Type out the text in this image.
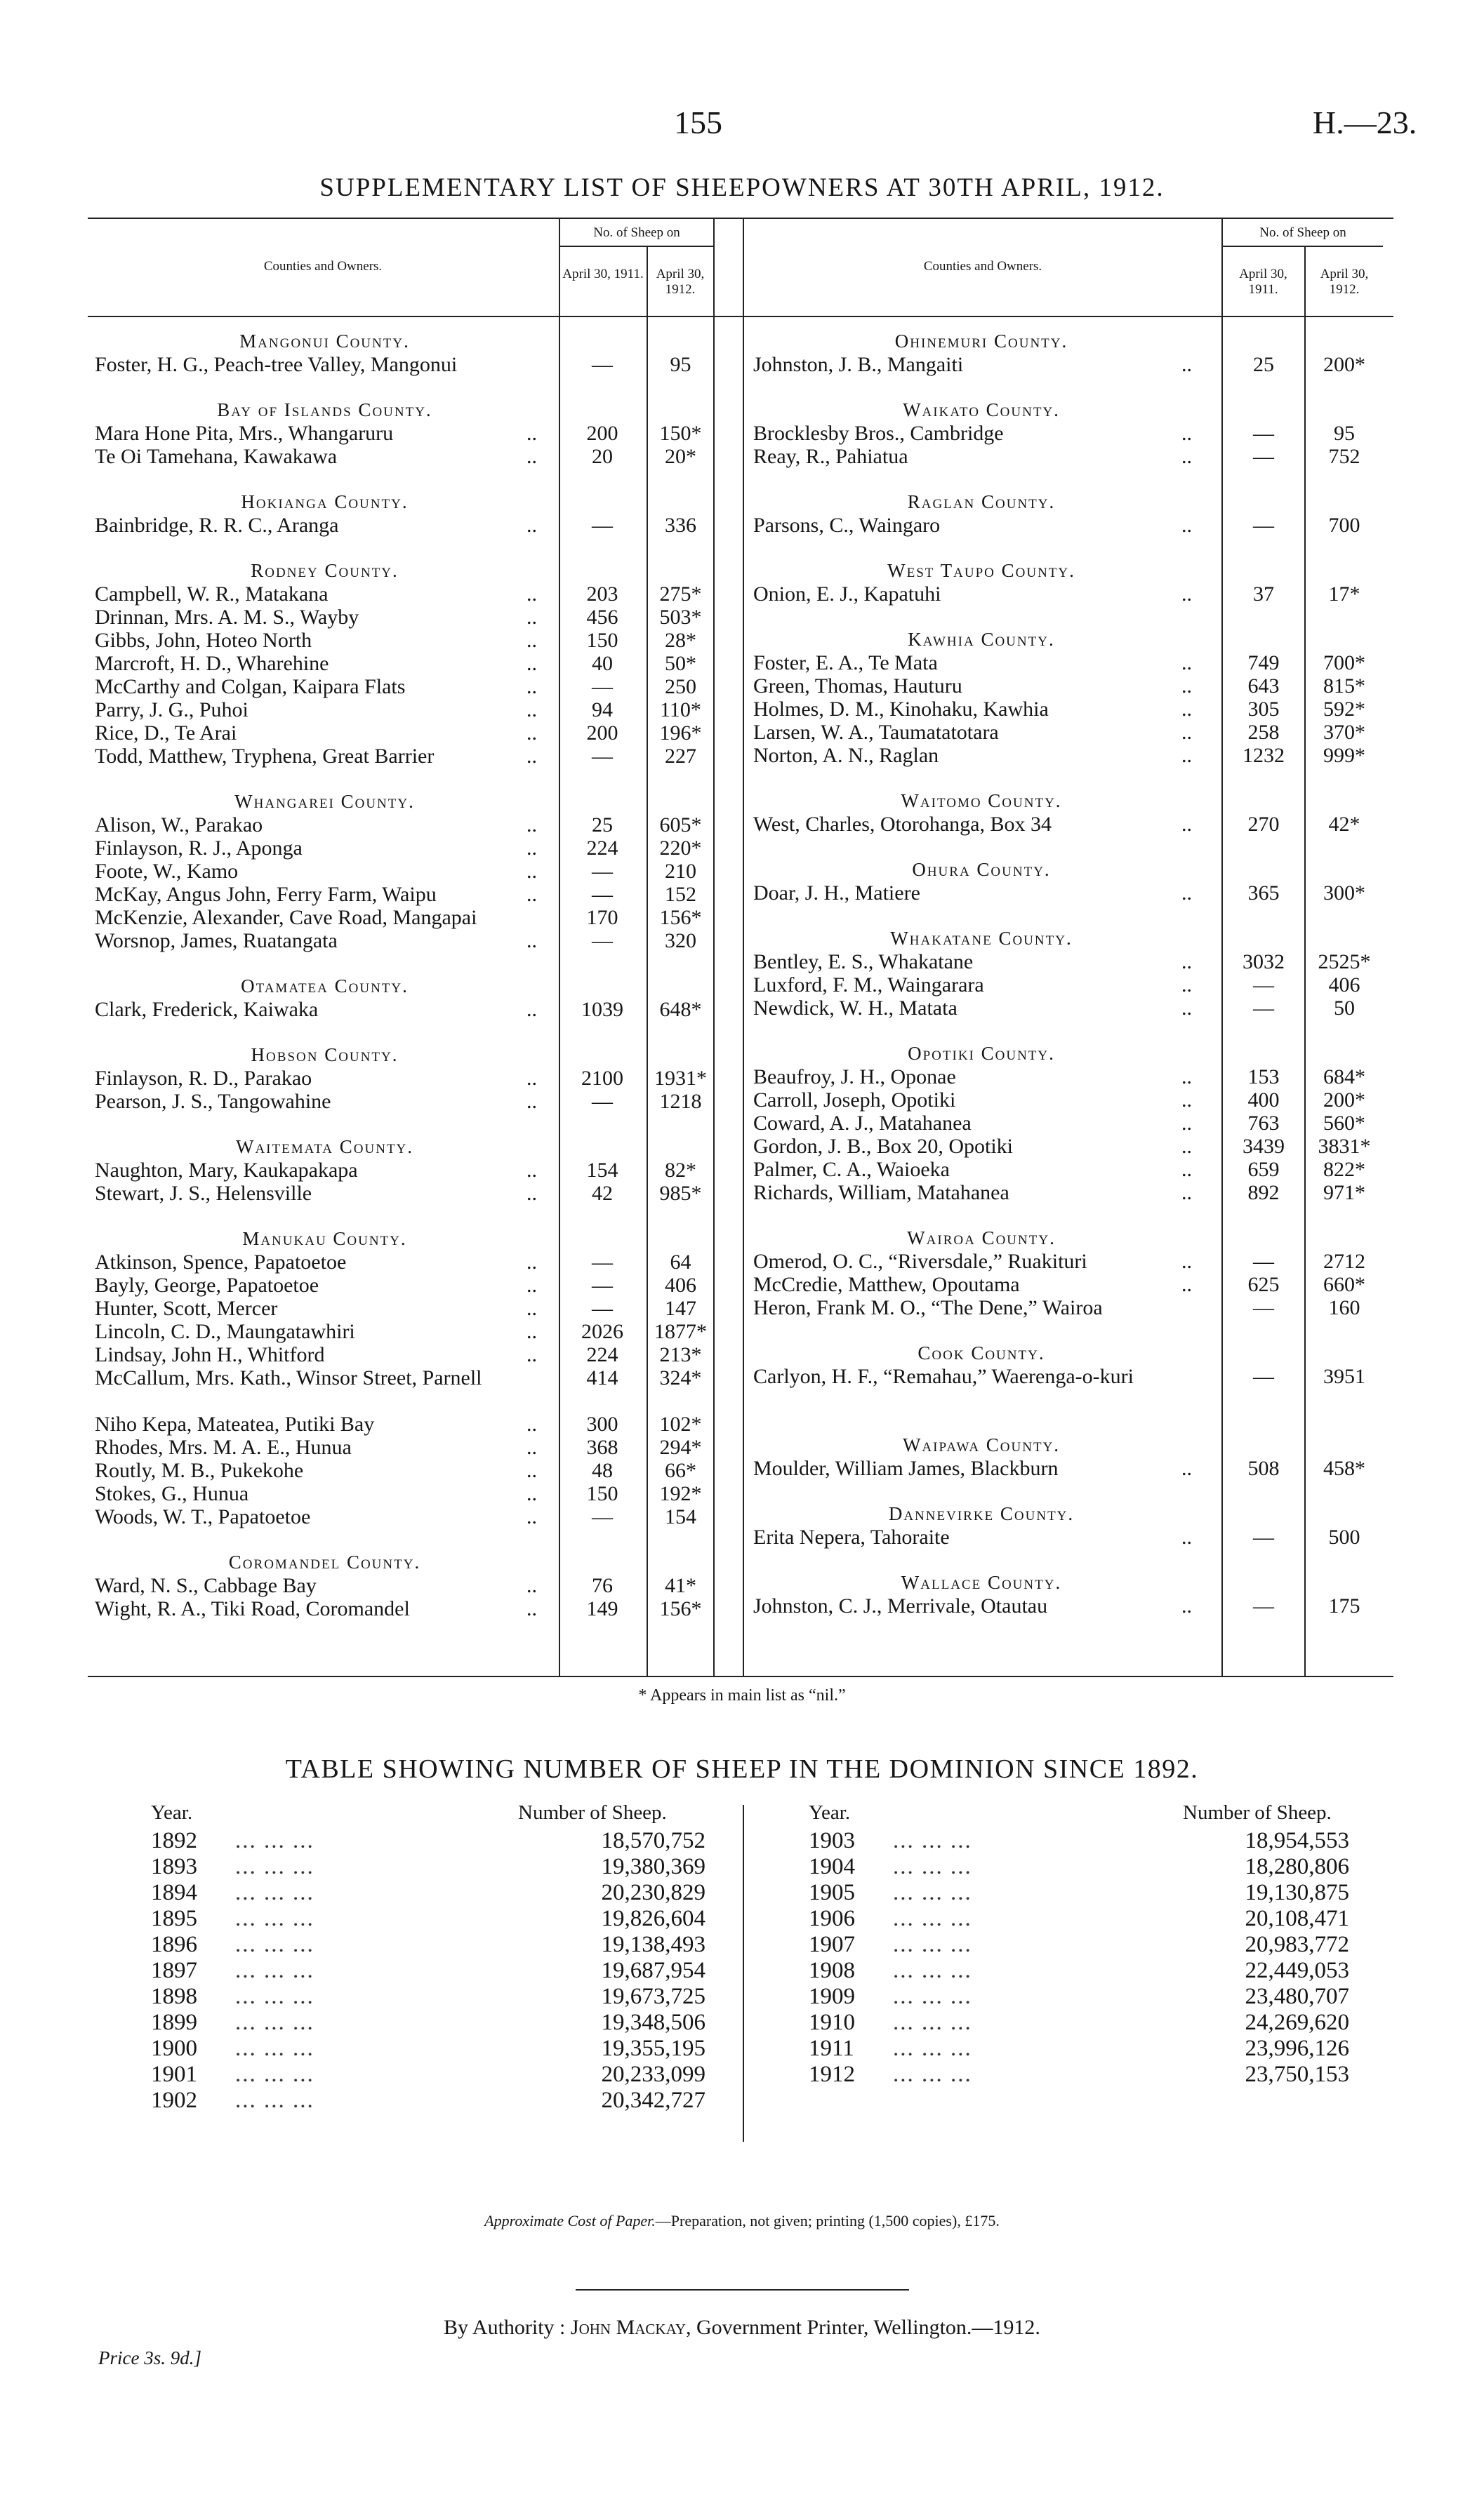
155	H.—23.
SUPPLEMENTARY LIST OF SHEEPOWNERS AT 30TH APRIL, 1912.
Counties and Owners.
No. of Sheep on
April 30, 1911. April 30, 1912.
Counties and Owners.
No. of Sheep on
April 30, 1911.
April 30, 1912.
Mangonui County.
Foster, H. G., Peach-tree Valley, Mangonui	—	95
Bay of Islands County.
Mara Hone Pita, Mrs., Whangaruru	..	200	150*
Te Oi Tamehana, Kawakawa	..	20	20*
Hokianga County.
Bainbridge, R. R. C., Aranga	..	—	336
Rodney County.
Campbell, W. R., Matakana	..	203	275*
Drinnan, Mrs. A. M. S., Wayby	..	456	503*
Gibbs, John, Hoteo North	..	150	28*
Marcroft, H. D., Wharehine	..	40	50*
McCarthy and Colgan, Kaipara Flats	..	—	250
Parry, J. G., Puhoi	..	94	110*
Rice, D., Te Arai	..	200	196*
Todd, Matthew, Tryphena, Great Barrier	..	—	227
Whangarei County.
Alison, W., Parakao	..	25	605*
Finlayson, R. J., Aponga	..	224	220*
Foote, W., Kamo	..	—	210
McKay, Angus John, Ferry Farm, Waipu	..	—	152
McKenzie, Alexander, Cave Road, Mangapai	170	156*
Worsnop, James, Ruatangata	..	—	320
Otamatea County.
Clark, Frederick, Kaiwaka	..	1039	648*
Hobson County.
Finlayson, R. D., Parakao	..	2100	1931*
Pearson, J. S., Tangowahine	..	—	1218
Waitemata County.
Naughton, Mary, Kaukapakapa	..	154	82*
Stewart, J. S., Helensville	..	42	985*
Manukau County.
Atkinson, Spence, Papatoetoe	..	—	64
Bayly, George, Papatoetoe	..	—	406
Hunter, Scott, Mercer	..	—	147
Lincoln, C. D., Maungatawhiri	..	2026	1877*
Lindsay, John H., Whitford	..	224	213*
McCallum, Mrs. Kath., Winsor Street, Parnell	414	324*
Niho Kepa, Mateatea, Putiki Bay	..	300	102*
Rhodes, Mrs. M. A. E., Hunua	..	368	294*
Routly, M. B., Pukekohe	..	48	66*
Stokes, G., Hunua	..	150	192*
Woods, W. T., Papatoetoe	..	—	154
Coromandel County.
Ward, N. S., Cabbage Bay	..	76	41*
Wight, R. A., Tiki Road, Coromandel	..	149	156*
Ohinemuri County.
Johnston, J. B., Mangaiti	..	25	200*
Waikato County.
Brocklesby Bros., Cambridge	..	—	95
Reay, R., Pahiatua	..	—	752
Raglan County.
Parsons, C., Waingaro	..	—	700
West Taupo County.
Onion, E. J., Kapatuhi	..	37	17*
Kawhia County.
Foster, E. A., Te Mata	..	749	700*
Green, Thomas, Hauturu	..	643	815*
Holmes, D. M., Kinohaku, Kawhia	..	305	592*
Larsen, W. A., Taumatatotara	..	258	370*
Norton, A. N., Raglan	..	1232	999*
Waitomo County.
West, Charles, Otorohanga, Box 34	..	270	42*
Ohura County.
Doar, J. H., Matiere	..	365	300*
Whakatane County.
Bentley, E. S., Whakatane	..	3032	2525*
Luxford, F. M., Waingarara	..	—	406
Newdick, W. H., Matata	..	—	50
Opotiki County.
Beaufroy, J. H., Oponae	..	153	684*
Carroll, Joseph, Opotiki	..	400	200*
Coward, A. J., Matahanea	..	763	560*
Gordon, J. B., Box 20, Opotiki	..	3439	3831*
Palmer, C. A., Waioeka	..	659	822*
Richards, William, Matahanea	..	892	971*
Wairoa County.
Omerod, O. C., “Riversdale,” Ruakituri	..	—	2712
McCredie, Matthew, Opoutama	..	625	660*
Heron, Frank M. O., “The Dene,” Wairoa	—	160
Cook County.
Carlyon, H. F., “Remahau,” Waerenga-o-kuri	—	3951
Waipawa County.
Moulder, William James, Blackburn	..	508	458*
Dannevirke County.
Erita Nepera, Tahoraite	..	—	500
Wallace County.
Johnston, C. J., Merrivale, Otautau	..	—	175
* Appears in main list as “nil.”
TABLE SHOWING NUMBER OF SHEEP IN THE DOMINION SINCE 1892.
Year.	Number of Sheep.	Year.	Number of Sheep.
1892 ... ... ...	18,570,752
1893 ... ... ...	19,380,369
1894 ... ... ...	20,230,829
1895 ... ... ...	19,826,604
1896 ... ... ...	19,138,493
1897 ... ... ...	19,687,954
1898 ... ... ...	19,673,725
1899 ... ... ...	19,348,506
1900 ... ... ...	19,355,195
1901 ... ... ...	20,233,099
1902 ... ... ...	20,342,727
1903 ... ... ...	18,954,553
1904 ... ... ...	18,280,806
1905 ... ... ...	19,130,875
1906 ... ... ...	20,108,471
1907 ... ... ...	20,983,772
1908 ... ... ...	22,449,053
1909 ... ... ...	23,480,707
1910 ... ... ...	24,269,620
1911 ... ... ...	23,996,126
1912 ... ... ...	23,750,153
Approximate Cost of Paper.—Preparation, not given; printing (1,500 copies), £175.
By Authority : John Mackay, Government Printer, Wellington.—1912.
Price 3s. 9d.]
